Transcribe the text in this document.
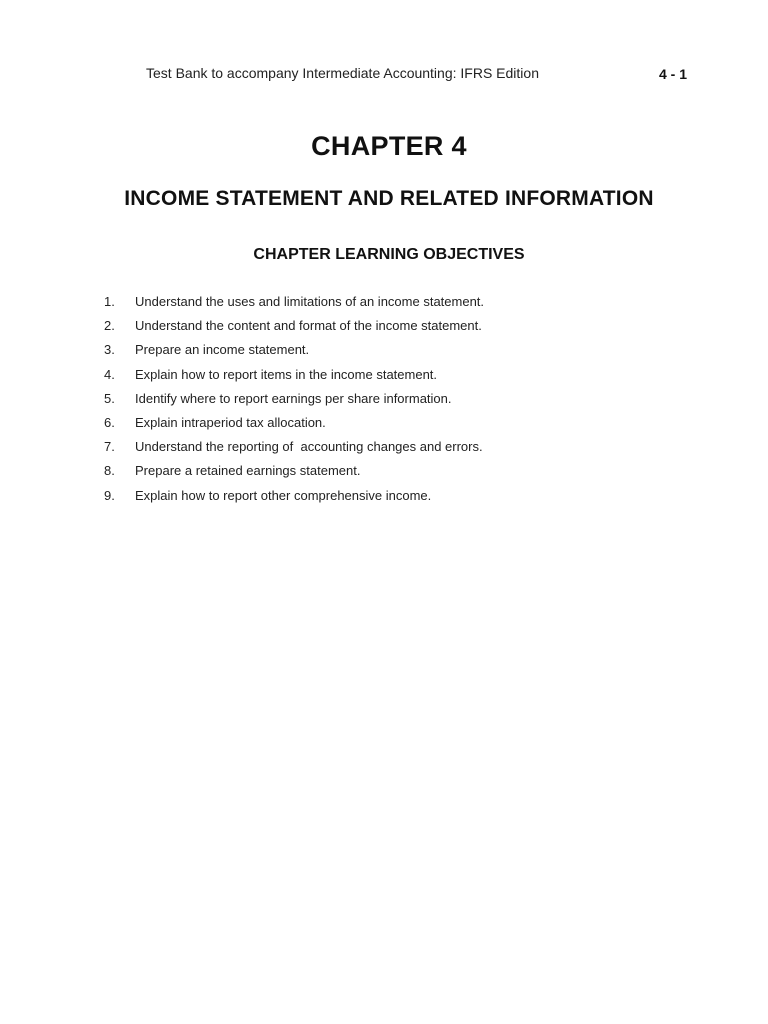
Test Bank to accompany Intermediate Accounting: IFRS Edition	4 - 1
CHAPTER 4
INCOME STATEMENT AND RELATED INFORMATION
CHAPTER LEARNING OBJECTIVES
1. Understand the uses and limitations of an income statement.
2. Understand the content and format of the income statement.
3. Prepare an income statement.
4. Explain how to report items in the income statement.
5. Identify where to report earnings per share information.
6. Explain intraperiod tax allocation.
7. Understand the reporting of  accounting changes and errors.
8. Prepare a retained earnings statement.
9. Explain how to report other comprehensive income.
